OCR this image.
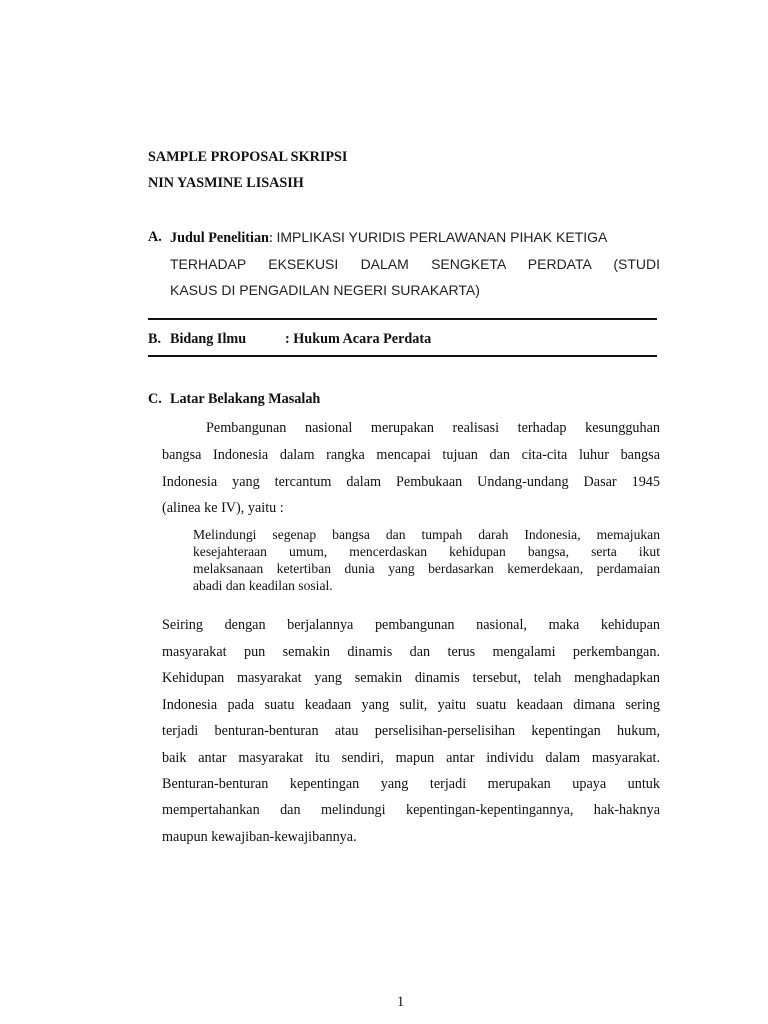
SAMPLE PROPOSAL SKRIPSI
NIN YASMINE LISASIH
A. Judul Penelitian: IMPLIKASI YURIDIS PERLAWANAN PIHAK KETIGA
TERHADAP EKSEKUSI DALAM SENGKETA PERDATA (STUDI
KASUS DI PENGADILAN NEGERI SURAKARTA)
B. Bidang Ilmu	: Hukum Acara Perdata
C. Latar Belakang Masalah
Pembangunan nasional merupakan realisasi terhadap kesungguhan
bangsa Indonesia dalam rangka mencapai tujuan dan cita-cita luhur bangsa
Indonesia yang tercantum dalam Pembukaan Undang-undang Dasar 1945
(alinea ke IV), yaitu :
Melindungi segenap bangsa dan tumpah darah Indonesia, memajukan
kesejahteraan umum, mencerdaskan kehidupan bangsa, serta ikut
melaksanaan ketertiban dunia yang berdasarkan kemerdekaan, perdamaian
abadi dan keadilan sosial.
Seiring dengan berjalannya pembangunan nasional, maka kehidupan
masyarakat pun semakin dinamis dan terus mengalami perkembangan.
Kehidupan masyarakat yang semakin dinamis tersebut, telah menghadapkan
Indonesia pada suatu keadaan yang sulit, yaitu suatu keadaan dimana sering
terjadi benturan-benturan atau perselisihan-perselisihan kepentingan hukum,
baik antar masyarakat itu sendiri, mapun antar individu dalam masyarakat.
Benturan-benturan kepentingan yang terjadi merupakan upaya untuk
mempertahankan dan melindungi kepentingan-kepentingannya, hak-haknya
maupun kewajiban-kewajibannya.
1
